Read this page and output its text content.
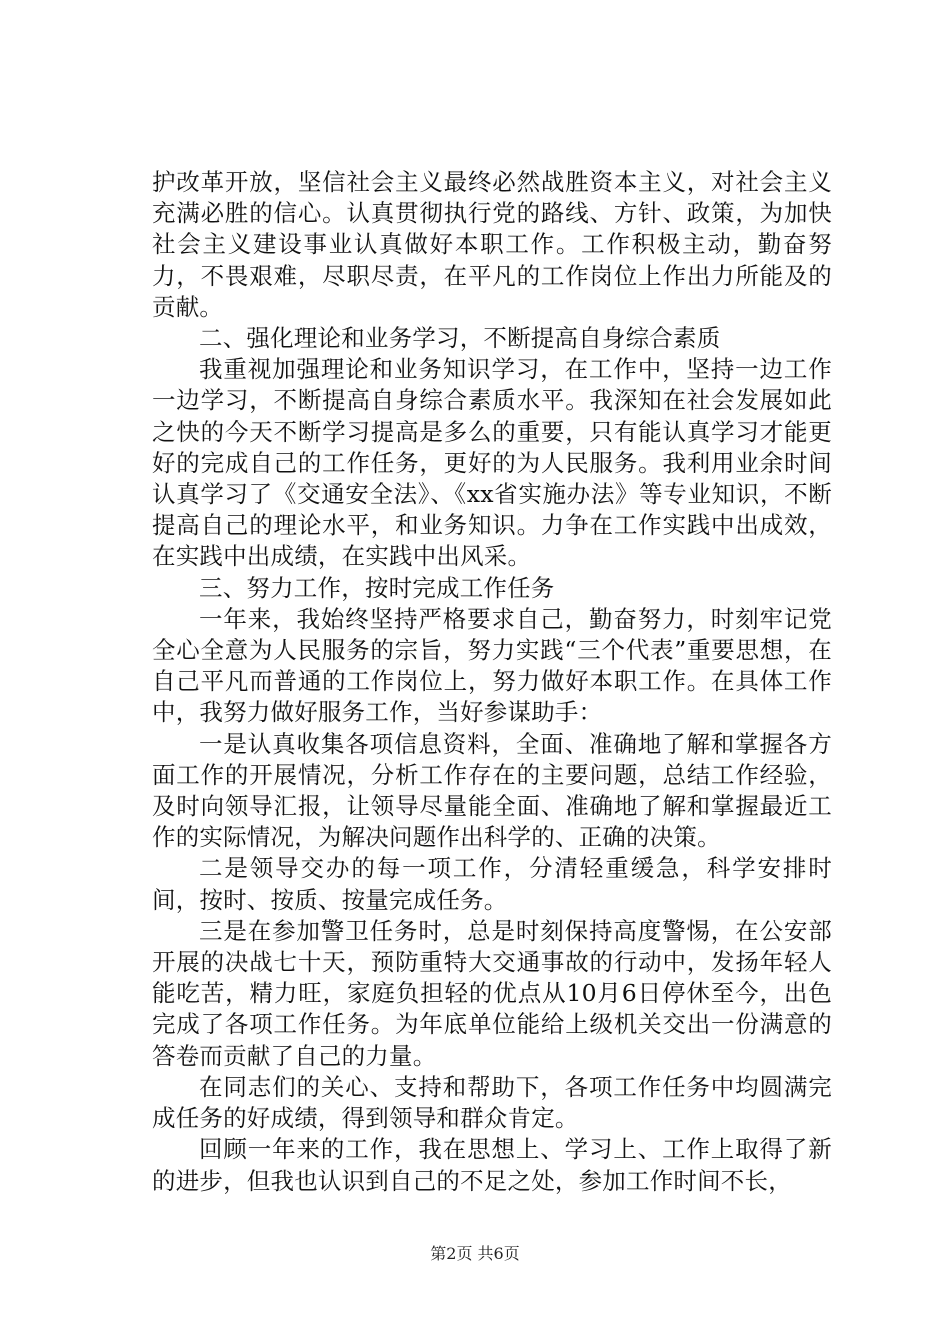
护改革开放，坚信社会主义最终必然战胜资本主义，对社会主义充满必胜的信心。认真贯彻执行党的路线、方针、政策，为加快社会主义建设事业认真做好本职工作。工作积极主动，勤奋努力，不畏艰难，尽职尽责，在平凡的工作岗位上作出力所能及的贡献。

二、强化理论和业务学习，不断提高自身综合素质

我重视加强理论和业务知识学习，在工作中，坚持一边工作一边学习，不断提高自身综合素质水平。我深知在社会发展如此之快的今天不断学习提高是多么的重要，只有能认真学习才能更好的完成自己的工作任务，更好的为人民服务。我利用业余时间认真学习了《交通安全法》、《xx省实施办法》等专业知识，不断提高自己的理论水平，和业务知识。力争在工作实践中出成效，在实践中出成绩，在实践中出风采。

三、努力工作，按时完成工作任务

一年来，我始终坚持严格要求自己，勤奋努力，时刻牢记党全心全意为人民服务的宗旨，努力实践“三个代表”重要思想，在自己平凡而普通的工作岗位上，努力做好本职工作。在具体工作中，我努力做好服务工作，当好参谋助手：

一是认真收集各项信息资料，全面、准确地了解和掌握各方面工作的开展情况，分析工作存在的主要问题，总结工作经验，及时向领导汇报，让领导尽量能全面、准确地了解和掌握最近工作的实际情况，为解决问题作出科学的、正确的决策。

二是领导交办的每一项工作，分清轻重缓急，科学安排时间，按时、按质、按量完成任务。

三是在参加警卫任务时，总是时刻保持高度警惕，在公安部开展的决战七十天，预防重特大交通事故的行动中，发扬年轻人能吃苦，精力旺，家庭负担轻的优点从10月6日停休至今，出色完成了各项工作任务。为年底单位能给上级机关交出一份满意的答卷而贡献了自己的力量。

在同志们的关心、支持和帮助下，各项工作任务中均圆满完成任务的好成绩，得到领导和群众肯定。

回顾一年来的工作，我在思想上、学习上、工作上取得了新的进步，但我也认识到自己的不足之处，参加工作时间不长，

第2页 共6页
